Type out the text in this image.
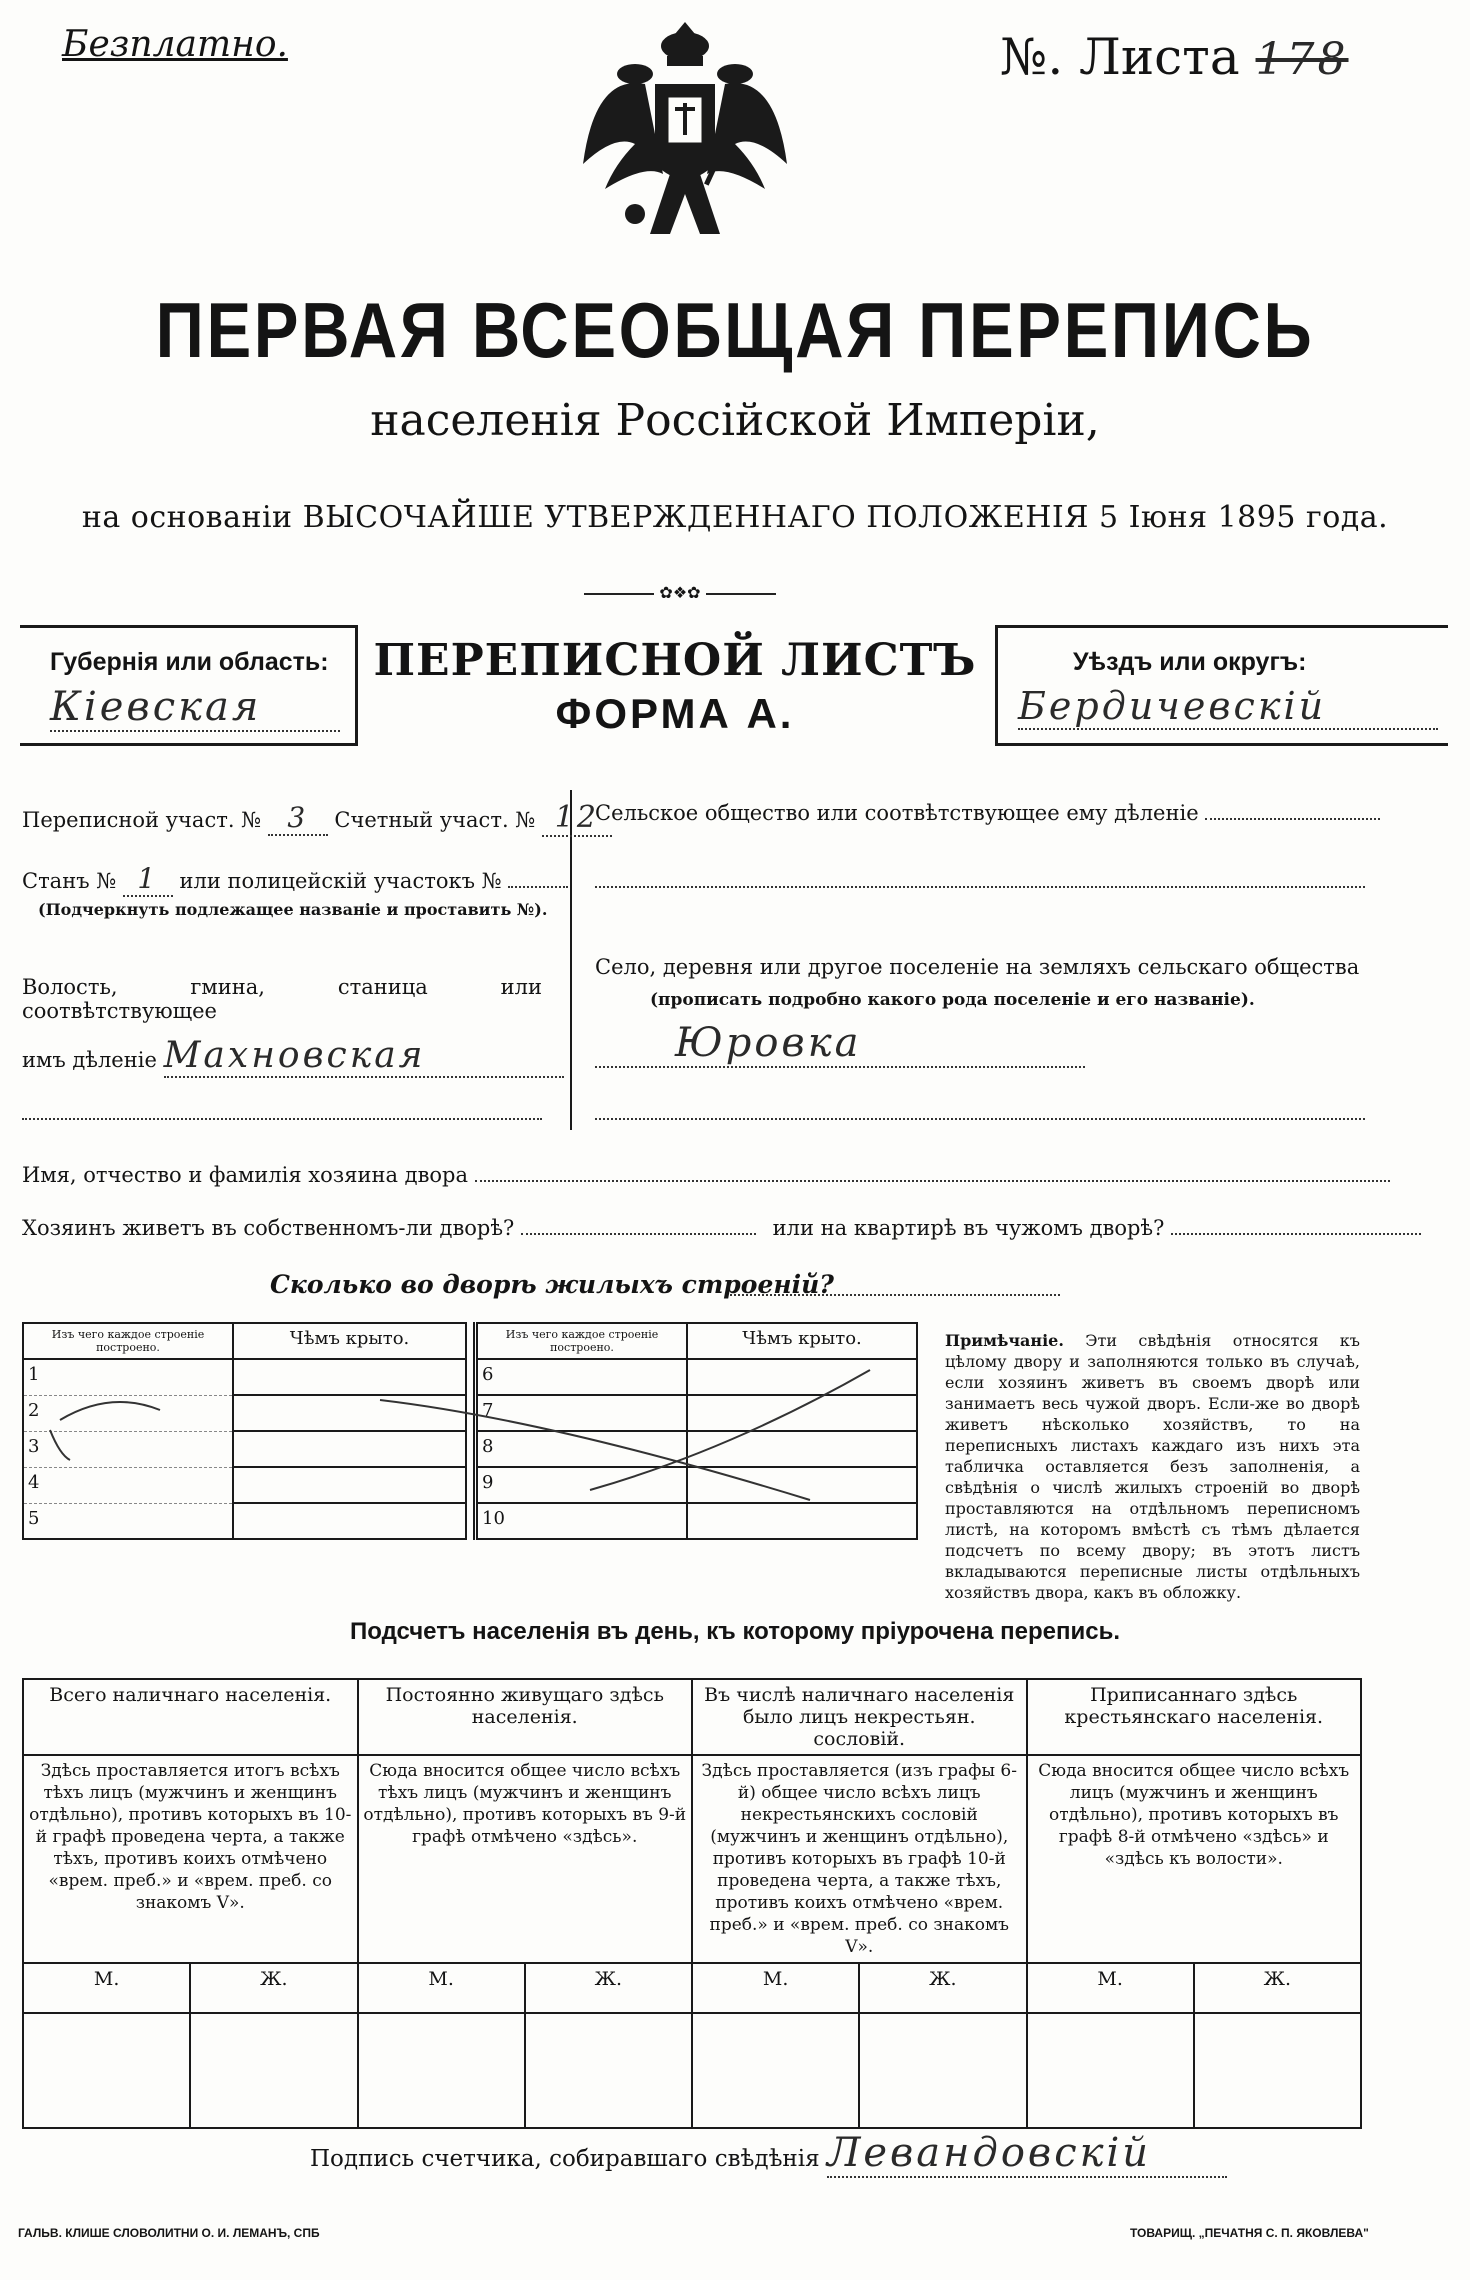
Безплатно.	№. Листа 178
ПЕРВАЯ ВСЕОБЩАЯ ПЕРЕПИСЬ
населенія Россійской Имперіи,
на основаніи ВЫСОЧАЙШЕ УТВЕРЖДЕННАГО ПОЛОЖЕНІЯ 5 Іюня 1895 года.
✿❖✿
Губернія или область:
Кіевская
ПЕРЕПИСНОЙ ЛИСТЪ
ФОРМА А.
Уѣздъ или округъ:
Бердичевскій
Переписной участ. № 3 Счетный участ. № 12
Станъ № 1 или полицейскій участокъ №
(Подчеркнуть подлежащее названіе и проставить №).
Волость, гмина, станица или соотвѣтствующее
имъ дѣленіе Махновская
Сельское общество или соотвѣтствующее ему дѣленіе
Село, деревня или другое поселеніе на земляхъ сельскаго общества
(прописать подробно какого рода поселеніе и его названіе).
Юровка
Имя, отчество и фамилія хозяина двора
Хозяинъ живетъ въ собственномъ-ли дворѣ?	или на квартирѣ въ чужомъ дворѣ?
Сколько во дворѣ жилыхъ строеній?
Изъ чего каждое строеніе построено.	Чѣмъ крыто.
1	
2	
3	
4	
5	
Изъ чего каждое строеніе построено.	Чѣмъ крыто.
6	
7	
8	
9	
10	
Примѣчаніе. Эти свѣдѣнія относятся къ цѣлому двору и заполняются только въ случаѣ, если хозяинъ живетъ въ своемъ дворѣ или занимаетъ весь чужой дворъ. Если-же во дворѣ живетъ нѣсколько хозяйствъ, то на переписныхъ листахъ каждаго изъ нихъ эта табличка оставляется безъ заполненія, а свѣдѣнія о числѣ жилыхъ строеній во дворѣ проставляются на отдѣльномъ переписномъ листѣ, на которомъ вмѣстѣ съ тѣмъ дѣлается подсчетъ по всему двору; въ этотъ листъ вкладываются переписные листы отдѣльныхъ хозяйствъ двора, какъ въ обложку.
Подсчетъ населенія въ день, къ которому пріурочена перепись.
Всего наличнаго населенія.		Постоянно живущаго здѣсь населенія.		Въ числѣ наличнаго населенія было лицъ некрестьян. сословій.		Приписаннаго здѣсь крестьянскаго населенія.	
Здѣсь проставляется итогъ всѣхъ тѣхъ лицъ (мужчинъ и женщинъ отдѣльно), противъ которыхъ въ 10-й графѣ проведена черта, а также тѣхъ, противъ коихъ отмѣчено «врем. преб.» и «врем. преб. со знакомъ V».		Сюда вносится общее число всѣхъ тѣхъ лицъ (мужчинъ и женщинъ отдѣльно), противъ которыхъ въ 9-й графѣ отмѣчено «здѣсь».		Здѣсь проставляется (изъ графы 6-й) общее число всѣхъ лицъ некрестьянскихъ сословій (мужчинъ и женщинъ отдѣльно), противъ которыхъ въ графѣ 10-й проведена черта, а также тѣхъ, противъ коихъ отмѣчено «врем. преб.» и «врем. преб. со знакомъ V».		Сюда вносится общее число всѣхъ лицъ (мужчинъ и женщинъ отдѣльно), противъ которыхъ въ графѣ 8-й отмѣчено «здѣсь» и «здѣсь къ волости».	
М.	Ж.	М.	Ж.	М.	Ж.	М.	Ж.

Подпись счетчика, собиравшаго свѣдѣнія Левандовскій
ГАЛЬВ. КЛИШЕ СЛОВОЛИТНИ О. И. ЛЕМАНЪ, СПБ	ТОВАРИЩ. „ПЕЧАТНЯ С. П. ЯКОВЛЕВА"
